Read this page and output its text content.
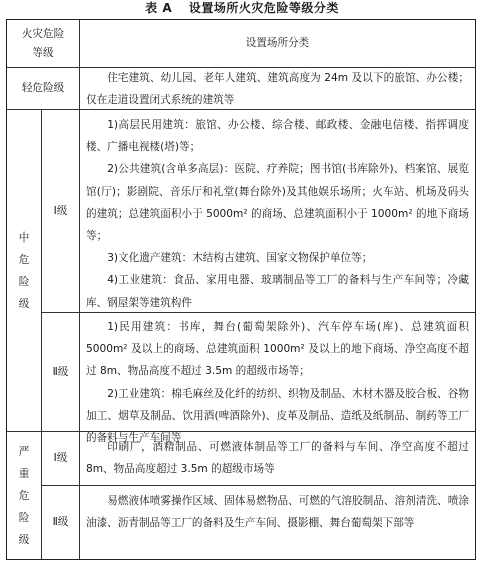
表 A 设置场所火灾危险等级分类
火灾危险等级
设置场所分类
轻危险级

住宅建筑、幼儿园、老年人建筑、建筑高度为 24m 及以下的旅馆、办公楼；仅在走道设置闭式系统的建筑等

中危险级
Ⅰ级

1)高层民用建筑：旅馆、办公楼、综合楼、邮政楼、金融电信楼、指挥调度楼、广播电视楼(塔)等；

2)公共建筑(含单多高层)：医院、疗养院；图书馆(书库除外)、档案馆、展览馆(厅)；影剧院、音乐厅和礼堂(舞台除外)及其他娱乐场所；火车站、机场及码头的建筑；总建筑面积小于 5000m² 的商场、总建筑面积小于 1000m² 的地下商场等；

3)文化遗产建筑：木结构古建筑、国家文物保护单位等；

4)工业建筑：食品、家用电器、玻璃制品等工厂的备料与生产车间等；冷藏库、钢屋架等建筑构件

Ⅱ级

1)民用建筑：书库，舞台(葡萄架除外)、汽车停车场(库)、总建筑面积 5000m² 及以上的商场、总建筑面积 1000m² 及以上的地下商场、净空高度不超过 8m、物品高度不超过 3.5m 的超级市场等；

2)工业建筑：棉毛麻丝及化纤的纺织、织物及制品、木材木器及胶合板、谷物加工、烟草及制品、饮用酒(啤酒除外)、皮革及制品、造纸及纸制品、制药等工厂的备料与生产车间等

严重危险级
Ⅰ级

印刷厂，酒精制品、可燃液体制品等工厂的备料与车间、净空高度不超过 8m、物品高度超过 3.5m 的超级市场等

Ⅱ级

易燃液体喷雾操作区域、固体易燃物品、可燃的气溶胶制品、溶剂清洗、喷涂油漆、沥青制品等工厂的备料及生产车间、摄影棚、舞台葡萄架下部等
